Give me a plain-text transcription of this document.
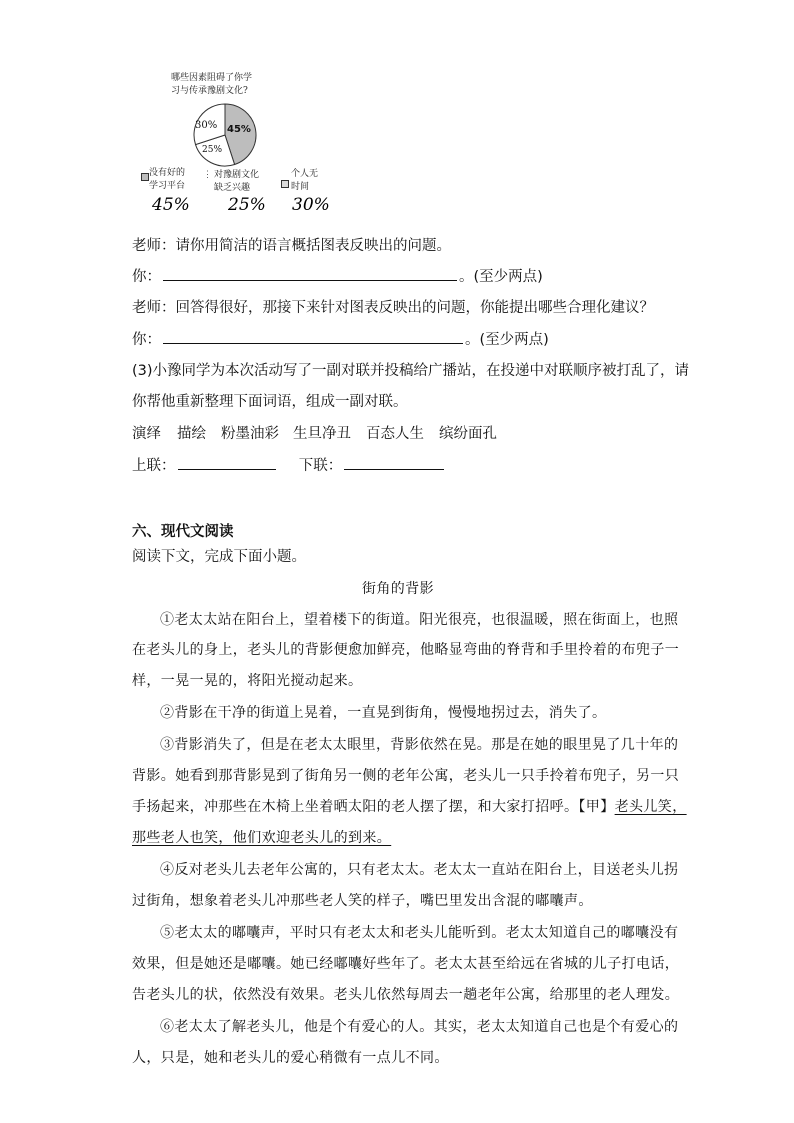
哪些因素阻碍了你学
习与传承豫剧文化?
45%
25%
30%
没有好的
学习平台
45%
⋮ 对豫剧文化
缺乏兴趣
25%
个人无
时间
30%
老师：请你用简洁的语言概括图表反映出的问题。
你：	。(至少两点)
老师：回答得很好，那接下来针对图表反映出的问题，你能提出哪些合理化建议？
你：	。(至少两点)
(3)小豫同学为本次活动写了一副对联并投稿给广播站，在投递中对联顺序被打乱了，请
你帮他重新整理下面词语，组成一副对联。
演绎 描绘 粉墨油彩 生旦净丑 百态人生 缤纷面孔
上联：	下联：
六、现代文阅读
阅读下文，完成下面小题。
街角的背影
①老太太站在阳台上，望着楼下的街道。阳光很亮，也很温暖，照在街面上，也照
在老头儿的身上，老头儿的背影便愈加鲜亮，他略显弯曲的脊背和手里拎着的布兜子一
样，一晃一晃的，将阳光搅动起来。
②背影在干净的街道上晃着，一直晃到街角，慢慢地拐过去，消失了。
③背影消失了，但是在老太太眼里，背影依然在晃。那是在她的眼里晃了几十年的
背影。她看到那背影晃到了街角另一侧的老年公寓，老头儿一只手拎着布兜子，另一只
手扬起来，冲那些在木椅上坐着晒太阳的老人摆了摆，和大家打招呼。【甲】老头儿笑，
那些老人也笑，他们欢迎老头儿的到来。
④反对老头儿去老年公寓的，只有老太太。老太太一直站在阳台上，目送老头儿拐
过街角，想象着老头儿冲那些老人笑的样子，嘴巴里发出含混的嘟囔声。
⑤老太太的嘟囔声，平时只有老太太和老头儿能听到。老太太知道自己的嘟囔没有
效果，但是她还是嘟囔。她已经嘟囔好些年了。老太太甚至给远在省城的儿子打电话，
告老头儿的状，依然没有效果。老头儿依然每周去一趟老年公寓，给那里的老人理发。
⑥老太太了解老头儿，他是个有爱心的人。其实，老太太知道自己也是个有爱心的
人，只是，她和老头儿的爱心稍微有一点儿不同。
